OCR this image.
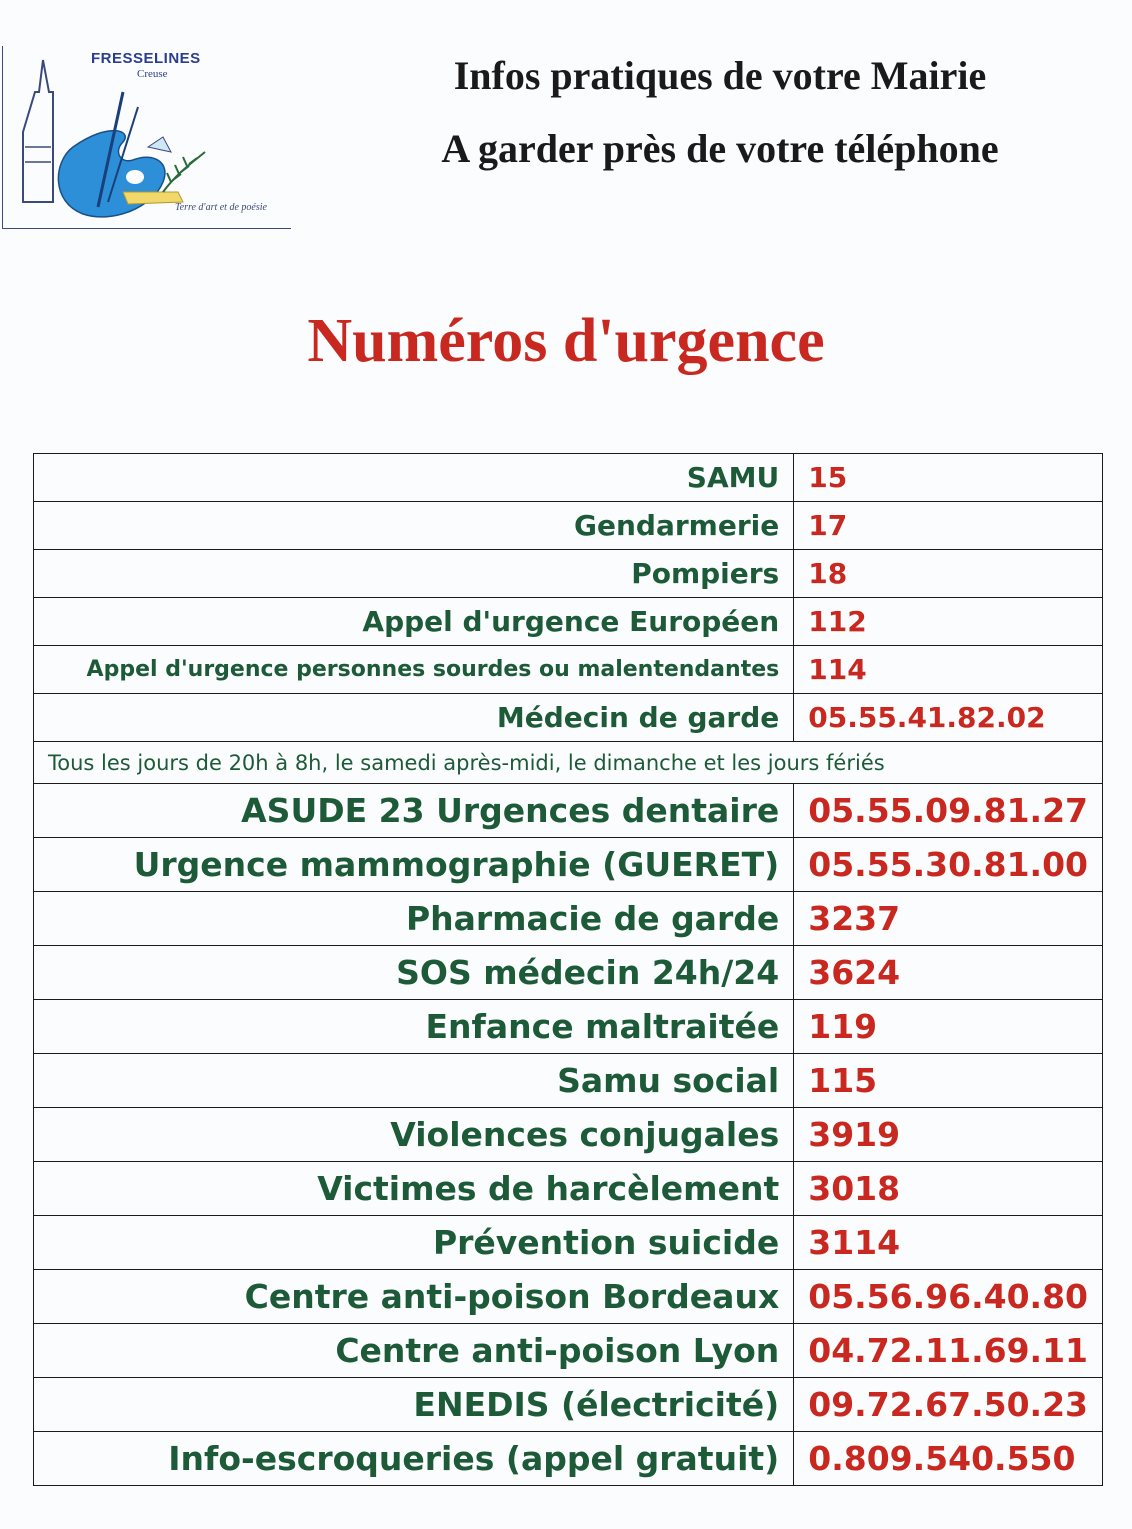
FRESSELINES
Creuse
Terre d'art et de poésie
Infos pratiques de votre Mairie
A garder près de votre téléphone
Numéros d'urgence
SAMU	15
Gendarmerie	17
Pompiers	18
Appel d'urgence Européen	112
Appel d'urgence personnes sourdes ou malentendantes	114
Médecin de garde	05.55.41.82.02
Tous les jours de 20h à 8h, le samedi après-midi, le dimanche et les jours fériés	
ASUDE 23 Urgences dentaire	05.55.09.81.27
Urgence mammographie (GUERET)	05.55.30.81.00
Pharmacie de garde	3237
SOS médecin 24h/24	3624
Enfance maltraitée	119
Samu social	115
Violences conjugales	3919
Victimes de harcèlement	3018
Prévention suicide	3114
Centre anti-poison Bordeaux	05.56.96.40.80
Centre anti-poison Lyon	04.72.11.69.11
ENEDIS (électricité)	09.72.67.50.23
Info-escroqueries (appel gratuit)	0.809.540.550
